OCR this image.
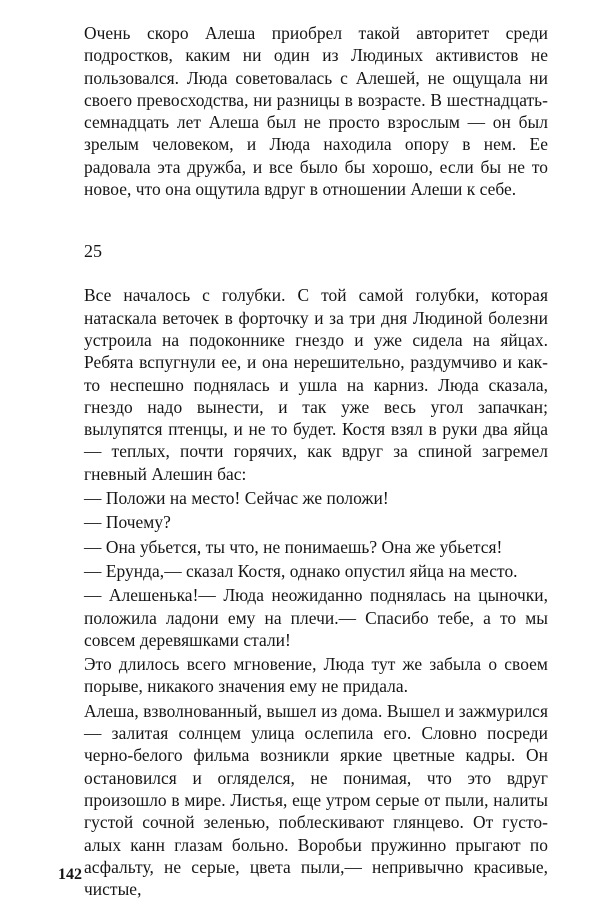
Очень скоро Алеша приобрел такой авторитет среди подростков, каким ни один из Людиных активистов не пользовался. Люда советовалась с Алешей, не ощущала ни своего превосходства, ни разницы в возрасте. В шестнадцать-семнадцать лет Алеша был не просто взрослым — он был зрелым человеком, и Люда находила опору в нем. Ее радовала эта дружба, и все было бы хорошо, если бы не то новое, что она ощутила вдруг в отношении Алеши к себе.

25

Все началось с голубки. С той самой голубки, которая натаскала веточек в форточку и за три дня Людиной болезни устроила на подоконнике гнездо и уже сидела на яйцах. Ребята вспугнули ее, и она нерешительно, раздумчиво и как-то неспешно поднялась и ушла на карниз. Люда сказала, гнездо надо вынести, и так уже весь угол запачкан; вылупятся птенцы, и не то будет. Костя взял в руки два яйца — теплых, почти горячих, как вдруг за спиной загремел гневный Алешин бас:

— Положи на место! Сейчас же положи!

— Почему?

— Она убьется, ты что, не понимаешь? Она же убьется!

— Ерунда,— сказал Костя, однако опустил яйца на место.

— Алешенька!— Люда неожиданно поднялась на цыночки, положила ладони ему на плечи.— Спасибо тебе, а то мы совсем деревяшками стали!

Это длилось всего мгновение, Люда тут же забыла о своем порыве, никакого значения ему не придала.

Алеша, взволнованный, вышел из дома. Вышел и зажмурился — залитая солнцем улица ослепила его. Словно посреди черно-белого фильма возникли яркие цветные кадры. Он остановился и огляделся, не понимая, что это вдруг произошло в мире. Листья, еще утром серые от пыли, налиты густой сочной зеленью, поблескивают глянцево. От густо-алых канн глазам больно. Воробьи пружинно прыгают по асфальту, не серые, цвета пыли,— непривычно красивые, чистые,

142
